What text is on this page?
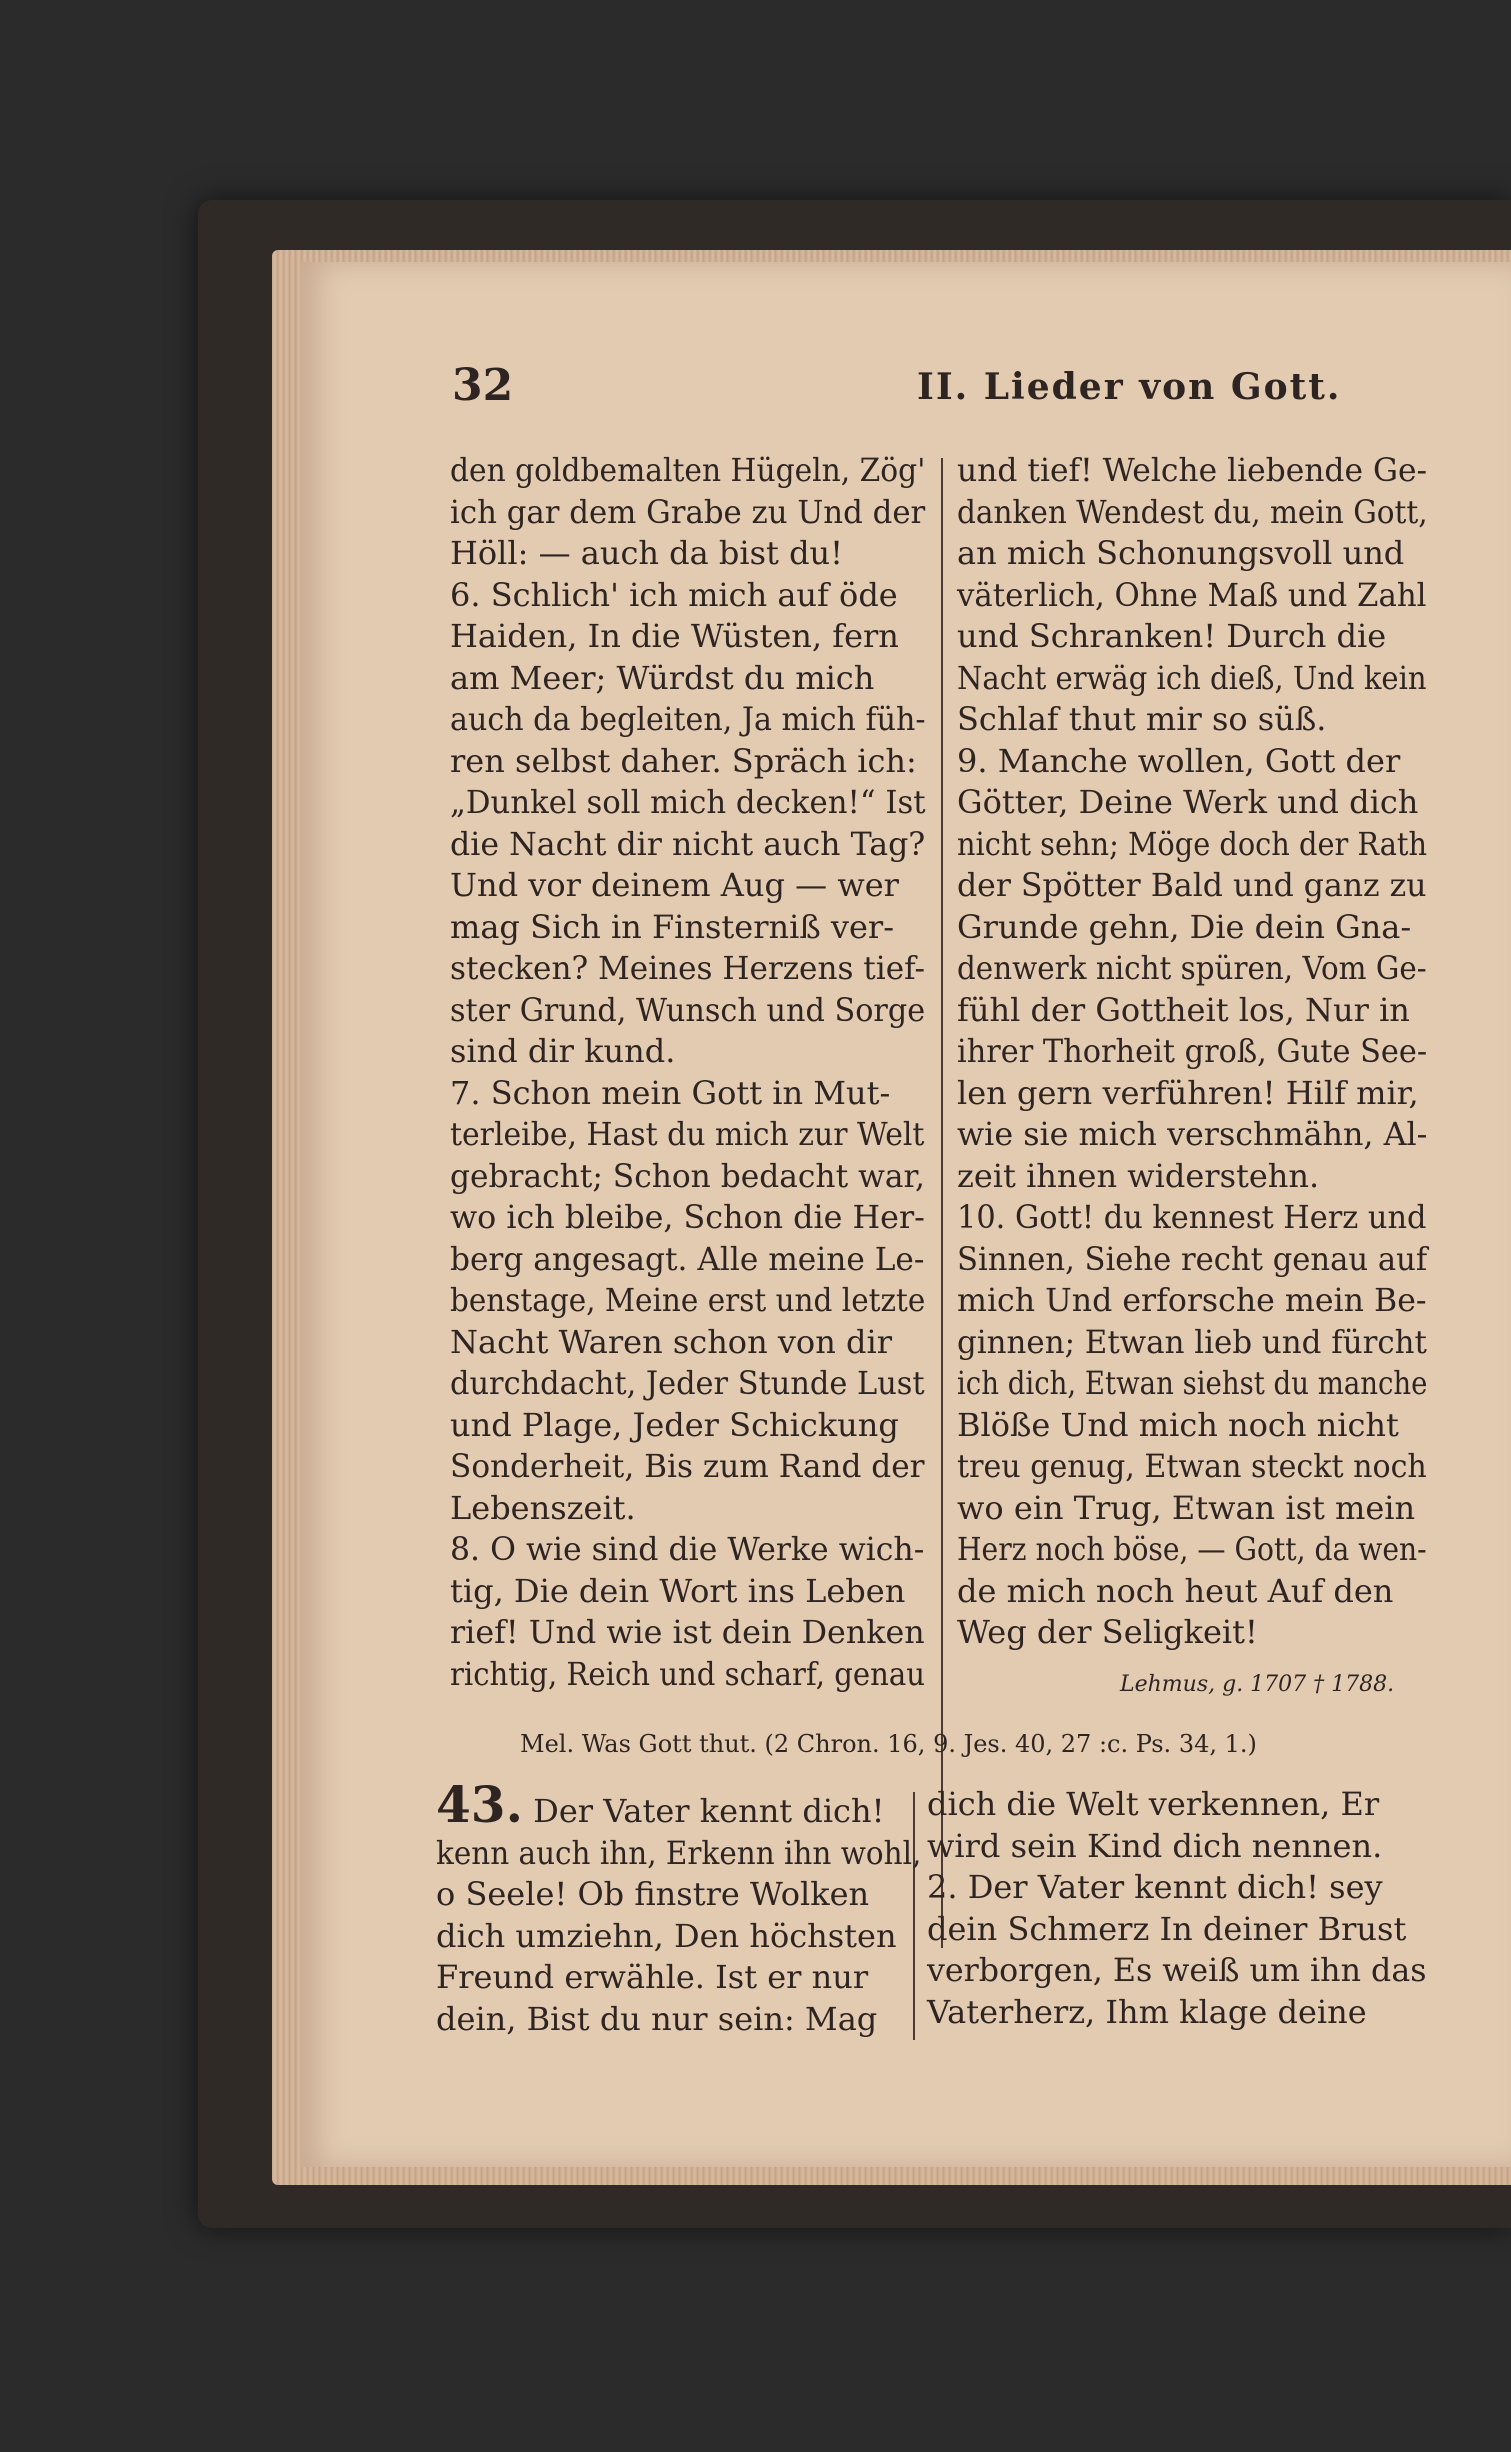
32	II. Lieder von Gott.
den goldbemalten Hügeln, Zög'
ich gar dem Grabe zu Und der
Höll: — auch da bist du!
6. Schlich' ich mich auf öde
Haiden, In die Wüsten, fern
am Meer; Würdst du mich
auch da begleiten, Ja mich füh-
ren selbst daher. Spräch ich:
„Dunkel soll mich decken!“ Ist
die Nacht dir nicht auch Tag?
Und vor deinem Aug — wer
mag Sich in Finsterniß ver-
stecken? Meines Herzens tief-
ster Grund, Wunsch und Sorge
sind dir kund.
7. Schon mein Gott in Mut-
terleibe, Hast du mich zur Welt
gebracht; Schon bedacht war,
wo ich bleibe, Schon die Her-
berg angesagt. Alle meine Le-
benstage, Meine erst und letzte
Nacht Waren schon von dir
durchdacht, Jeder Stunde Lust
und Plage, Jeder Schickung
Sonderheit, Bis zum Rand der
Lebenszeit.
8. O wie sind die Werke wich-
tig, Die dein Wort ins Leben
rief! Und wie ist dein Denken
richtig, Reich und scharf, genau
und tief! Welche liebende Ge-
danken Wendest du, mein Gott,
an mich Schonungsvoll und
väterlich, Ohne Maß und Zahl
und Schranken! Durch die
Nacht erwäg ich dieß, Und kein
Schlaf thut mir so süß.
9. Manche wollen, Gott der
Götter, Deine Werk und dich
nicht sehn; Möge doch der Rath
der Spötter Bald und ganz zu
Grunde gehn, Die dein Gna-
denwerk nicht spüren, Vom Ge-
fühl der Gottheit los, Nur in
ihrer Thorheit groß, Gute See-
len gern verführen! Hilf mir,
wie sie mich verschmähn, Al-
zeit ihnen widerstehn.
10. Gott! du kennest Herz und
Sinnen, Siehe recht genau auf
mich Und erforsche mein Be-
ginnen; Etwan lieb und fürcht
ich dich, Etwan siehst du manche
Blöße Und mich noch nicht
treu genug, Etwan steckt noch
wo ein Trug, Etwan ist mein
Herz noch böse, — Gott, da wen-
de mich noch heut Auf den
Weg der Seligkeit!
Lehmus, g. 1707 † 1788.
Mel. Was Gott thut. (2 Chron. 16, 9. Jes. 40, 27 :c. Ps. 34, 1.)
43. Der Vater kennt dich!
kenn auch ihn, Erkenn ihn wohl,
o Seele! Ob finstre Wolken
dich umziehn, Den höchsten
Freund erwähle. Ist er nur
dein, Bist du nur sein: Mag
dich die Welt verkennen, Er
wird sein Kind dich nennen.
2. Der Vater kennt dich! sey
dein Schmerz In deiner Brust
verborgen, Es weiß um ihn das
Vaterherz, Ihm klage deine
